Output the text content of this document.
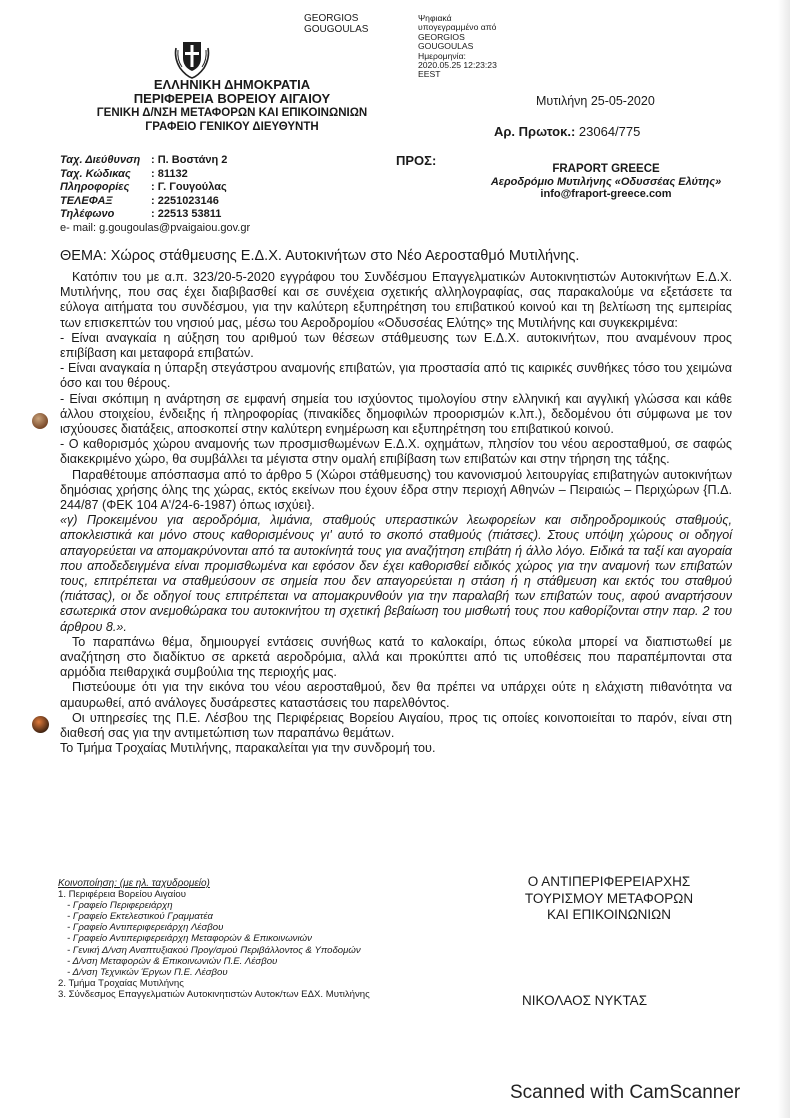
GEORGIOS
GOUGOULAS
Ψηφιακά
υπογεγραμμένο από
GEORGIOS
GOUGOULAS
Ημερομηνία:
2020.05.25 12:23:23
EEST
ΕΛΛΗΝΙΚΗ ΔΗΜΟΚΡΑΤΙΑ
ΠΕΡΙΦΕΡΕΙΑ ΒΟΡΕΙΟΥ ΑΙΓΑΙΟΥ
ΓΕΝΙΚΗ Δ/ΝΣΗ ΜΕΤΑΦΟΡΩΝ ΚΑΙ ΕΠΙΚΟΙΝΩΝΙΩΝ
ΓΡΑΦΕΙΟ ΓΕΝΙΚΟΥ ΔΙΕΥΘΥΝΤΗ
Ταχ. Διεύθυνση : Π. Βοστάνη 2
Ταχ. Κώδικας	: 81132
Πληροφορίες	: Γ. Γουγούλας
ΤΕΛΕΦΑΞ	: 2251023146
Τηλέφωνο	: 22513 53811
e- mail: g.gougoulas@pvaigaiou.gov.gr
Μυτιλήνη 25-05-2020
Αρ. Πρωτοκ.: 23064/775
ΠΡΟΣ:
FRAPORT GREECE
Αεροδρόμιο Μυτιλήνης «Οδυσσέας Ελύτης»
info@fraport-greece.com
ΘΕΜΑ: Χώρος στάθμευσης Ε.Δ.Χ. Αυτοκινήτων στο Νέο Αεροσταθμό Μυτιλήνης.

Κατόπιν του με α.π. 323/20-5-2020 εγγράφου του Συνδέσμου Επαγγελματικών Αυτοκινητιστών Αυτοκινήτων Ε.Δ.Χ. Μυτιλήνης, που σας έχει διαβιβασθεί και σε συνέχεια σχετικής αλληλογραφίας, σας παρακαλούμε να εξετάσετε τα εύλογα αιτήματα του συνδέσμου, για την καλύτερη εξυπηρέτηση του επιβατικού κοινού και τη βελτίωση της εμπειρίας των επισκεπτών του νησιού μας, μέσω του Αεροδρομίου «Οδυσσέας Ελύτης» της Μυτιλήνης και συγκεκριμένα:

- Είναι αναγκαία η αύξηση του αριθμού των θέσεων στάθμευσης των Ε.Δ.Χ. αυτοκινήτων, που αναμένουν προς επιβίβαση και μεταφορά επιβατών.

- Είναι αναγκαία η ύπαρξη στεγάστρου αναμονής επιβατών, για προστασία από τις καιρικές συνθήκες τόσο του χειμώνα όσο και του θέρους.

- Είναι σκόπιμη η ανάρτηση σε εμφανή σημεία του ισχύοντος τιμολογίου στην ελληνική και αγγλική γλώσσα και κάθε άλλου στοιχείου, ένδειξης ή πληροφορίας (πινακίδες δημοφιλών προορισμών κ.λπ.), δεδομένου ότι σύμφωνα με τον ισχύουσες διατάξεις, αποσκοπεί στην καλύτερη ενημέρωση και εξυπηρέτηση του επιβατικού κοινού.

- Ο καθορισμός χώρου αναμονής των προσμισθωμένων Ε.Δ.Χ. οχημάτων, πλησίον του νέου αεροσταθμού, σε σαφώς διακεκριμένο χώρο, θα συμβάλλει τα μέγιστα στην ομαλή επιβίβαση των επιβατών και στην τήρηση της τάξης.

Παραθέτουμε απόσπασμα από το άρθρο 5 (Χώροι στάθμευσης) του κανονισμού λειτουργίας επιβατηγών αυτοκινήτων δημόσιας χρήσης όλης της χώρας, εκτός εκείνων που έχουν έδρα στην περιοχή Αθηνών – Πειραιώς – Περιχώρων {Π.Δ. 244/87 (ΦΕΚ 104 Α'/24-6-1987) όπως ισχύει}.

«γ) Προκειμένου για αεροδρόμια, λιμάνια, σταθμούς υπεραστικών λεωφορείων και σιδηροδρομικούς σταθμούς, αποκλειστικά και μόνο στους καθορισμένους γι' αυτό το σκοπό σταθμούς (πιάτσες). Στους υπόψη χώρους οι οδηγοί απαγορεύεται να απομακρύνονται από τα αυτοκίνητά τους για αναζήτηση επιβάτη ή άλλο λόγο. Ειδικά τα ταξί και αγοραία που αποδεδειγμένα είναι προμισθωμένα και εφόσον δεν έχει καθορισθεί ειδικός χώρος για την αναμονή των επιβατών τους, επιτρέπεται να σταθμεύσουν σε σημεία που δεν απαγορεύεται η στάση ή η στάθμευση και εκτός του σταθμού (πιάτσας), οι δε οδηγοί τους επιτρέπεται να απομακρυνθούν για την παραλαβή των επιβατών τους, αφού αναρτήσουν εσωτερικά στον ανεμοθώρακα του αυτοκινήτου τη σχετική βεβαίωση του μισθωτή τους που καθορίζονται στην παρ. 2 του άρθρου 8.».

Το παραπάνω θέμα, δημιουργεί εντάσεις συνήθως κατά το καλοκαίρι, όπως εύκολα μπορεί να διαπιστωθεί με αναζήτηση στο διαδίκτυο σε αρκετά αεροδρόμια, αλλά και προκύπτει από τις υποθέσεις που παραπέμπονται στα αρμόδια πειθαρχικά συμβούλια της περιοχής μας.

Πιστεύουμε ότι για την εικόνα του νέου αεροσταθμού, δεν θα πρέπει να υπάρχει ούτε η ελάχιστη πιθανότητα να αμαυρωθεί, από ανάλογες δυσάρεστες καταστάσεις του παρελθόντος.

Οι υπηρεσίες της Π.Ε. Λέσβου της Περιφέρειας Βορείου Αιγαίου, προς τις οποίες κοινοποιείται το παρόν, είναι στη διαθεσή σας για την αντιμετώπιση των παραπάνω θεμάτων.

Το Τμήμα Τροχαίας Μυτιλήνης, παρακαλείται για την συνδρομή του.

Κοινοποίηση: (με ηλ. ταχυδρομείο)
1. Περιφέρεια Βορείου Αιγαίου
- Γραφείο Περιφερειάρχη
- Γραφείο Εκτελεστικού Γραμματέα
- Γραφείο Αντιπεριφερειάρχη Λέσβου
- Γραφείο Αντιπεριφερειάρχη Μεταφορών & Επικοινωνιών
- Γενική Δ/νση Αναπτυξιακού Προγ/σμού Περιβάλλοντος & Υποδομών
- Δ/νση Μεταφορών & Επικοινωνιών Π.Ε. Λέσβου
- Δ/νση Τεχνικών Έργων Π.Ε. Λέσβου
2. Τμήμα Τροχαίας Μυτιλήνης
3. Σύνδεσμος Επαγγελματιών Αυτοκινητιστών Αυτοκ/των ΕΔΧ. Μυτιλήνης
Ο ΑΝΤΙΠΕΡΙΦΕΡΕΙΑΡΧΗΣ
ΤΟΥΡΙΣΜΟΥ ΜΕΤΑΦΟΡΩΝ
ΚΑΙ ΕΠΙΚΟΙΝΩΝΙΩΝ
ΝΙΚΟΛΑΟΣ ΝΥΚΤΑΣ
Scanned with CamScanner
